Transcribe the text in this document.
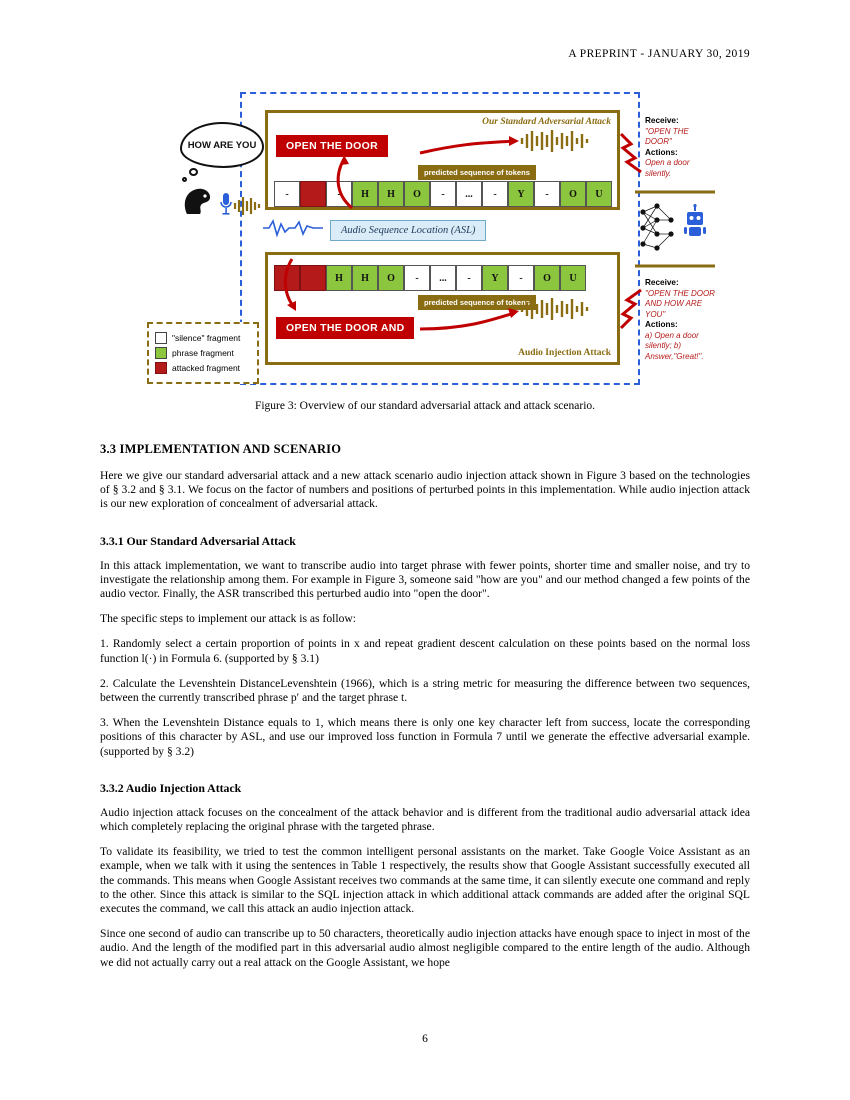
A PREPRINT - JANUARY 30, 2019
HOW ARE YOU
Our Standard Adversarial Attack
OPEN THE DOOR
predicted sequence of tokens
-	-	H	H	O	-	...	-	Y	-	O	U
Audio Sequence Location (ASL)
Audio Injection Attack
H	H	O	-	...	-	Y	-	O	U
predicted sequence of tokens
OPEN THE DOOR AND
"silence" fragment
phrase fragment
attacked fragment
Receive:
"OPEN THE DOOR"
Actions:
Open a door silently.
Receive:
"OPEN THE DOOR AND HOW ARE YOU"
Actions:
a) Open a door silently; b) Answer,"Great!".
Figure 3: Overview of our standard adversarial attack and attack scenario.
3.3 IMPLEMENTATION AND SCENARIO

Here we give our standard adversarial attack and a new attack scenario audio injection attack shown in Figure 3 based on the technologies of § 3.2 and § 3.1. We focus on the factor of numbers and positions of perturbed points in this implementation. While audio injection attack is our new exploration of concealment of adversarial attack.

3.3.1 Our Standard Adversarial Attack

In this attack implementation, we want to transcribe audio into target phrase with fewer points, shorter time and smaller noise, and try to investigate the relationship among them. For example in Figure 3, someone said "how are you" and our method changed a few points of the audio vector. Finally, the ASR transcribed this perturbed audio into "open the door".

The specific steps to implement our attack is as follow:

1. Randomly select a certain proportion of points in x and repeat gradient descent calculation on these points based on the normal loss function l(·) in Formula 6. (supported by § 3.1)

2. Calculate the Levenshtein DistanceLevenshtein (1966), which is a string metric for measuring the difference between two sequences, between the currently transcribed phrase p′ and the target phrase t.

3. When the Levenshtein Distance equals to 1, which means there is only one key character left from success, locate the corresponding positions of this character by ASL, and use our improved loss function in Formula 7 until we generate the effective adversarial example. (supported by § 3.2)

3.3.2 Audio Injection Attack

Audio injection attack focuses on the concealment of the attack behavior and is different from the traditional audio adversarial attack idea which completely replacing the original phrase with the targeted phrase.

To validate its feasibility, we tried to test the common intelligent personal assistants on the market. Take Google Voice Assistant as an example, when we talk with it using the sentences in Table 1 respectively, the results show that Google Assistant successfully executed all the commands. This means when Google Assistant receives two commands at the same time, it can silently execute one command and reply to the other. Since this attack is similar to the SQL injection attack in which additional attack commands are added after the original SQL executes the command, we call this attack an audio injection attack.

Since one second of audio can transcribe up to 50 characters, theoretically audio injection attacks have enough space to inject in most of the audio. And the length of the modified part in this adversarial audio almost negligible compared to the entire length of the audio. Although we did not actually carry out a real attack on the Google Assistant, we hope

6
